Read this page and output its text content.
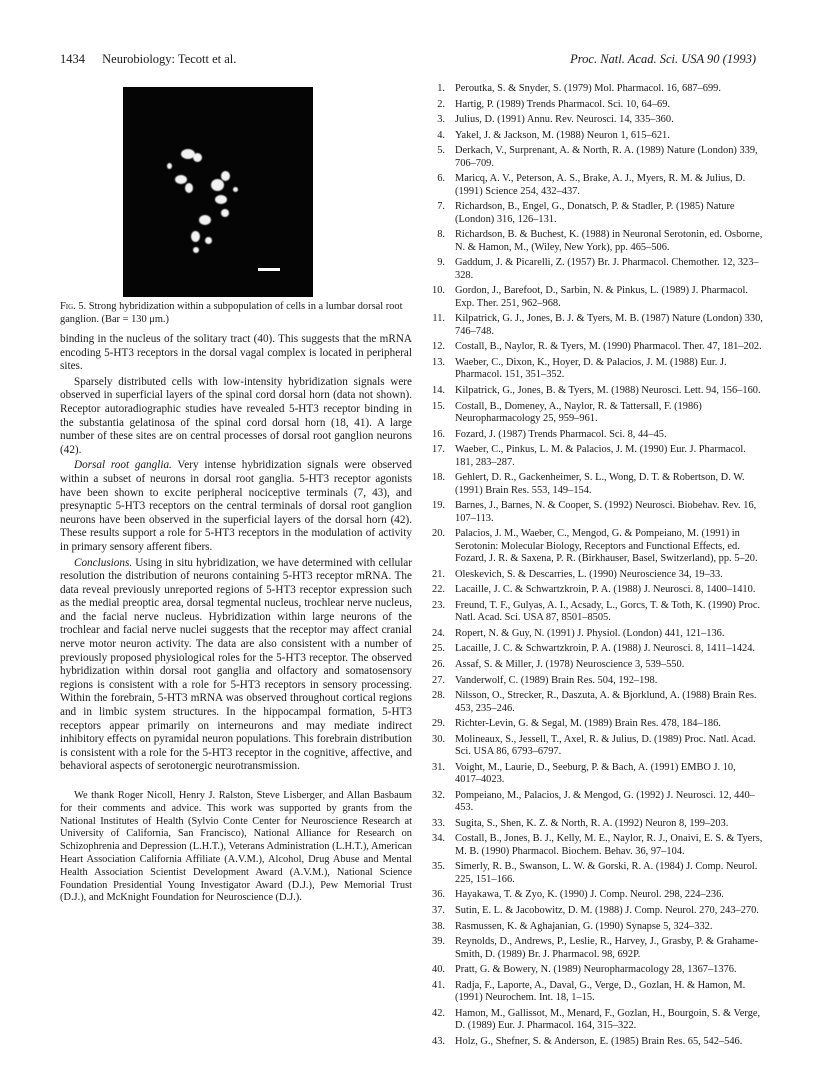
1434 Neurobiology: Tecott et al.	Proc. Natl. Acad. Sci. USA 90 (1993)
Fig. 5. Strong hybridization within a subpopulation of cells in a lumbar dorsal root ganglion. (Bar = 130 μm.)

binding in the nucleus of the solitary tract (40). This suggests that the mRNA encoding 5-HT3 receptors in the dorsal vagal complex is located in peripheral sites.

Sparsely distributed cells with low-intensity hybridization signals were observed in superficial layers of the spinal cord dorsal horn (data not shown). Receptor autoradiographic studies have revealed 5-HT3 receptor binding in the substantia gelatinosa of the spinal cord dorsal horn (18, 41). A large number of these sites are on central processes of dorsal root ganglion neurons (42).

Dorsal root ganglia. Very intense hybridization signals were observed within a subset of neurons in dorsal root ganglia. 5-HT3 receptor agonists have been shown to excite peripheral nociceptive terminals (7, 43), and presynaptic 5-HT3 receptors on the central terminals of dorsal root ganglion neurons have been observed in the superficial layers of the dorsal horn (42). These results support a role for 5-HT3 receptors in the modulation of activity in primary sensory afferent fibers.

Conclusions. Using in situ hybridization, we have determined with cellular resolution the distribution of neurons containing 5-HT3 receptor mRNA. The data reveal previously unreported regions of 5-HT3 receptor expression such as the medial preoptic area, dorsal tegmental nucleus, trochlear nerve nucleus, and the facial nerve nucleus. Hybridization within large neurons of the trochlear and facial nerve nuclei suggests that the receptor may affect cranial nerve motor neuron activity. The data are also consistent with a number of previously proposed physiological roles for the 5-HT3 receptor. The observed hybridization within dorsal root ganglia and olfactory and somatosensory regions is consistent with a role for 5-HT3 receptors in sensory processing. Within the forebrain, 5-HT3 mRNA was observed throughout cortical regions and in limbic system structures. In the hippocampal formation, 5-HT3 receptors appear primarily on interneurons and may mediate indirect inhibitory effects on pyramidal neuron populations. This forebrain distribution is consistent with a role for the 5-HT3 receptor in the cognitive, affective, and behavioral aspects of serotonergic neurotransmission.

We thank Roger Nicoll, Henry J. Ralston, Steve Lisberger, and Allan Basbaum for their comments and advice. This work was supported by grants from the National Institutes of Health (Sylvio Conte Center for Neuroscience Research at University of California, San Francisco), National Alliance for Research on Schizophrenia and Depression (L.H.T.), Veterans Administration (L.H.T.), American Heart Association California Affiliate (A.V.M.), Alcohol, Drug Abuse and Mental Health Association Scientist Development Award (A.V.M.), National Science Foundation Presidential Young Investigator Award (D.J.), Pew Memorial Trust (D.J.), and McKnight Foundation for Neuroscience (D.J.).

1. Peroutka, S. & Snyder, S. (1979) Mol. Pharmacol. 16, 687–699.
2. Hartig, P. (1989) Trends Pharmacol. Sci. 10, 64–69.
3. Julius, D. (1991) Annu. Rev. Neurosci. 14, 335–360.
4. Yakel, J. & Jackson, M. (1988) Neuron 1, 615–621.
5. Derkach, V., Surprenant, A. & North, R. A. (1989) Nature (London) 339, 706–709.
6. Maricq, A. V., Peterson, A. S., Brake, A. J., Myers, R. M. & Julius, D. (1991) Science 254, 432–437.
7. Richardson, B., Engel, G., Donatsch, P. & Stadler, P. (1985) Nature (London) 316, 126–131.
8. Richardson, B. & Buchest, K. (1988) in Neuronal Serotonin, ed. Osborne, N. & Hamon, M., (Wiley, New York), pp. 465–506.
9. Gaddum, J. & Picarelli, Z. (1957) Br. J. Pharmacol. Chemother. 12, 323–328.
10. Gordon, J., Barefoot, D., Sarbin, N. & Pinkus, L. (1989) J. Pharmacol. Exp. Ther. 251, 962–968.
11. Kilpatrick, G. J., Jones, B. J. & Tyers, M. B. (1987) Nature (London) 330, 746–748.
12. Costall, B., Naylor, R. & Tyers, M. (1990) Pharmacol. Ther. 47, 181–202.
13. Waeber, C., Dixon, K., Hoyer, D. & Palacios, J. M. (1988) Eur. J. Pharmacol. 151, 351–352.
14. Kilpatrick, G., Jones, B. & Tyers, M. (1988) Neurosci. Lett. 94, 156–160.
15. Costall, B., Domeney, A., Naylor, R. & Tattersall, F. (1986) Neuropharmacology 25, 959–961.
16. Fozard, J. (1987) Trends Pharmacol. Sci. 8, 44–45.
17. Waeber, C., Pinkus, L. M. & Palacios, J. M. (1990) Eur. J. Pharmacol. 181, 283–287.
18. Gehlert, D. R., Gackenheimer, S. L., Wong, D. T. & Robertson, D. W. (1991) Brain Res. 553, 149–154.
19. Barnes, J., Barnes, N. & Cooper, S. (1992) Neurosci. Biobehav. Rev. 16, 107–113.
20. Palacios, J. M., Waeber, C., Mengod, G. & Pompeiano, M. (1991) in Serotonin: Molecular Biology, Receptors and Functional Effects, ed. Fozard, J. R. & Saxena, P. R. (Birkhauser, Basel, Switzerland), pp. 5–20.
21. Oleskevich, S. & Descarries, L. (1990) Neuroscience 34, 19–33.
22. Lacaille, J. C. & Schwartzkroin, P. A. (1988) J. Neurosci. 8, 1400–1410.
23. Freund, T. F., Gulyas, A. I., Acsady, L., Gorcs, T. & Toth, K. (1990) Proc. Natl. Acad. Sci. USA 87, 8501–8505.
24. Ropert, N. & Guy, N. (1991) J. Physiol. (London) 441, 121–136.
25. Lacaille, J. C. & Schwartzkroin, P. A. (1988) J. Neurosci. 8, 1411–1424.
26. Assaf, S. & Miller, J. (1978) Neuroscience 3, 539–550.
27. Vanderwolf, C. (1989) Brain Res. 504, 192–198.
28. Nilsson, O., Strecker, R., Daszuta, A. & Bjorklund, A. (1988) Brain Res. 453, 235–246.
29. Richter-Levin, G. & Segal, M. (1989) Brain Res. 478, 184–186.
30. Molineaux, S., Jessell, T., Axel, R. & Julius, D. (1989) Proc. Natl. Acad. Sci. USA 86, 6793–6797.
31. Voight, M., Laurie, D., Seeburg, P. & Bach, A. (1991) EMBO J. 10, 4017–4023.
32. Pompeiano, M., Palacios, J. & Mengod, G. (1992) J. Neurosci. 12, 440–453.
33. Sugita, S., Shen, K. Z. & North, R. A. (1992) Neuron 8, 199–203.
34. Costall, B., Jones, B. J., Kelly, M. E., Naylor, R. J., Onaivi, E. S. & Tyers, M. B. (1990) Pharmacol. Biochem. Behav. 36, 97–104.
35. Simerly, R. B., Swanson, L. W. & Gorski, R. A. (1984) J. Comp. Neurol. 225, 151–166.
36. Hayakawa, T. & Zyo, K. (1990) J. Comp. Neurol. 298, 224–236.
37. Sutin, E. L. & Jacobowitz, D. M. (1988) J. Comp. Neurol. 270, 243–270.
38. Rasmussen, K. & Aghajanian, G. (1990) Synapse 5, 324–332.
39. Reynolds, D., Andrews, P., Leslie, R., Harvey, J., Grasby, P. & Grahame-Smith, D. (1989) Br. J. Pharmacol. 98, 692P.
40. Pratt, G. & Bowery, N. (1989) Neuropharmacology 28, 1367–1376.
41. Radja, F., Laporte, A., Daval, G., Verge, D., Gozlan, H. & Hamon, M. (1991) Neurochem. Int. 18, 1–15.
42. Hamon, M., Gallissot, M., Menard, F., Gozlan, H., Bourgoin, S. & Verge, D. (1989) Eur. J. Pharmacol. 164, 315–322.
43. Holz, G., Shefner, S. & Anderson, E. (1985) Brain Res. 65, 542–546.
